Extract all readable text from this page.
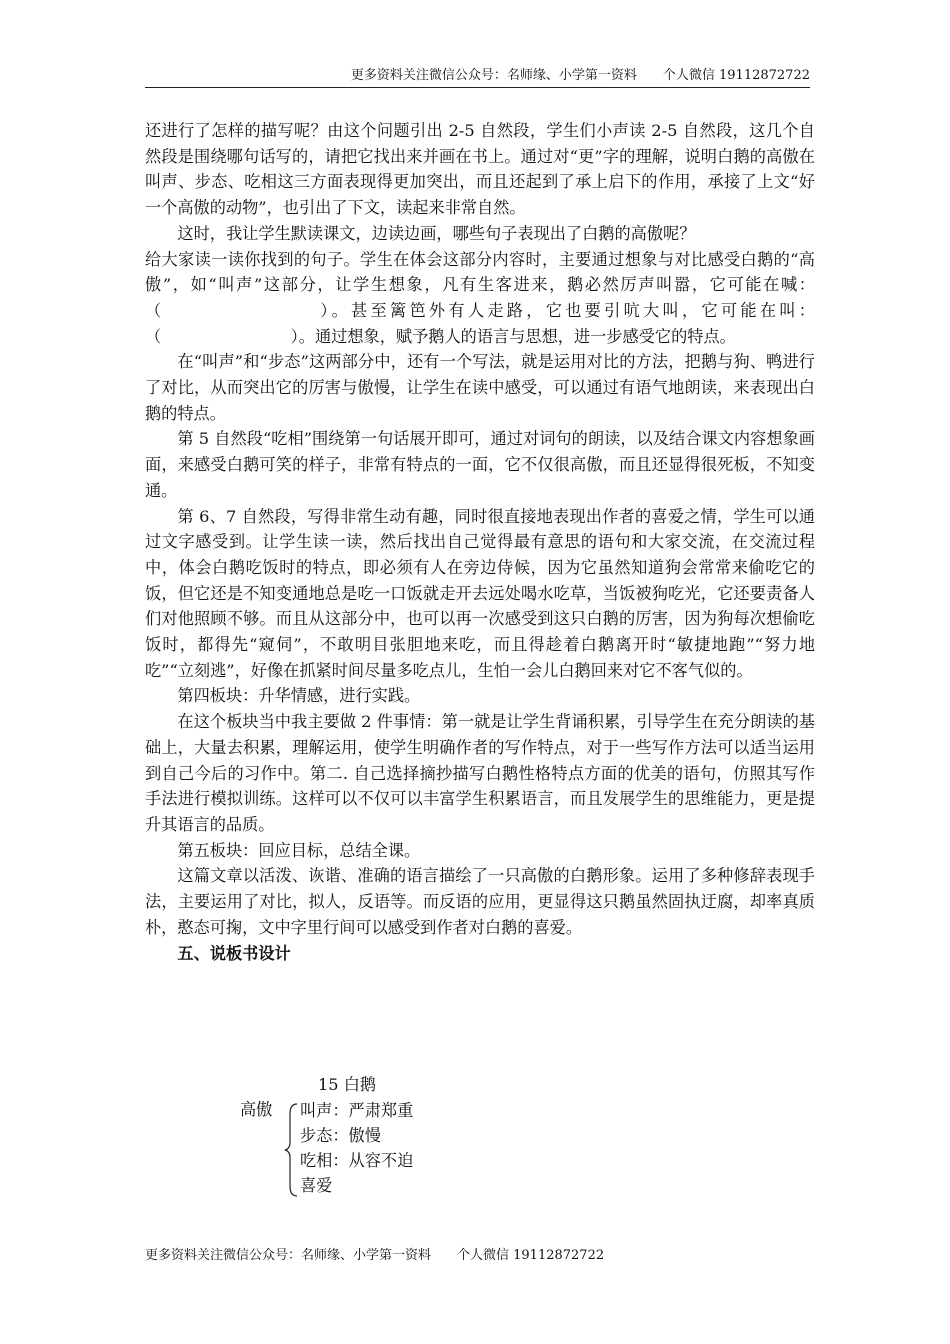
更多资料关注微信公众号：名师缘、小学第一资料　　个人微信 19112872722

还进行了怎样的描写呢？由这个问题引出 2-5 自然段，学生们小声读 2-5 自然段，这几个自然段是围绕哪句话写的，请把它找出来并画在书上。通过对“更”字的理解，说明白鹅的高傲在叫声、步态、吃相这三方面表现得更加突出，而且还起到了承上启下的作用，承接了上文“好一个高傲的动物”，也引出了下文，读起来非常自然。

这时，我让学生默读课文，边读边画，哪些句子表现出了白鹅的高傲呢？

给大家读一读你找到的句子。学生在体会这部分内容时，主要通过想象与对比感受白鹅的“高傲”，如“叫声”这部分，让学生想象，凡有生客进来，鹅必然厉声叫嚣，它可能在喊：（　　　　　　　　）。甚至篱笆外有人走路，它也要引吭大叫，它可能在叫：（　　　　　　　　）。通过想象，赋予鹅人的语言与思想，进一步感受它的特点。

在“叫声”和“步态”这两部分中，还有一个写法，就是运用对比的方法，把鹅与狗、鸭进行了对比，从而突出它的厉害与傲慢，让学生在读中感受，可以通过有语气地朗读，来表现出白鹅的特点。

第 5 自然段“吃相”围绕第一句话展开即可，通过对词句的朗读，以及结合课文内容想象画面，来感受白鹅可笑的样子，非常有特点的一面，它不仅很高傲，而且还显得很死板，不知变通。

第 6、7 自然段，写得非常生动有趣，同时很直接地表现出作者的喜爱之情，学生可以通过文字感受到。让学生读一读，然后找出自己觉得最有意思的语句和大家交流，在交流过程中，体会白鹅吃饭时的特点，即必须有人在旁边侍候，因为它虽然知道狗会常常来偷吃它的饭，但它还是不知变通地总是吃一口饭就走开去远处喝水吃草，当饭被狗吃光，它还要责备人们对他照顾不够。而且从这部分中，也可以再一次感受到这只白鹅的厉害，因为狗每次想偷吃饭时，都得先“窥伺”，不敢明目张胆地来吃，而且得趁着白鹅离开时“敏捷地跑”“努力地吃”“立刻逃”，好像在抓紧时间尽量多吃点儿，生怕一会儿白鹅回来对它不客气似的。

第四板块：升华情感，进行实践。

在这个板块当中我主要做 2 件事情：第一就是让学生背诵积累，引导学生在充分朗读的基础上，大量去积累，理解运用，使学生明确作者的写作特点，对于一些写作方法可以适当运用到自己今后的习作中。第二. 自己选择摘抄描写白鹅性格特点方面的优美的语句，仿照其写作手法进行模拟训练。这样可以不仅可以丰富学生积累语言，而且发展学生的思维能力，更是提升其语言的品质。

第五板块：回应目标，总结全课。

这篇文章以活泼、诙谐、准确的语言描绘了一只高傲的白鹅形象。运用了多种修辞表现手法，主要运用了对比，拟人，反语等。而反语的应用，更显得这只鹅虽然固执迂腐，却率真质朴，憨态可掬，文中字里行间可以感受到作者对白鹅的喜爱。

五、说板书设计

15 白鹅
高傲 叫声：严肃郑重
步态：傲慢
吃相：从容不迫
喜爱
更多资料关注微信公众号：名师缘、小学第一资料　　个人微信 19112872722
